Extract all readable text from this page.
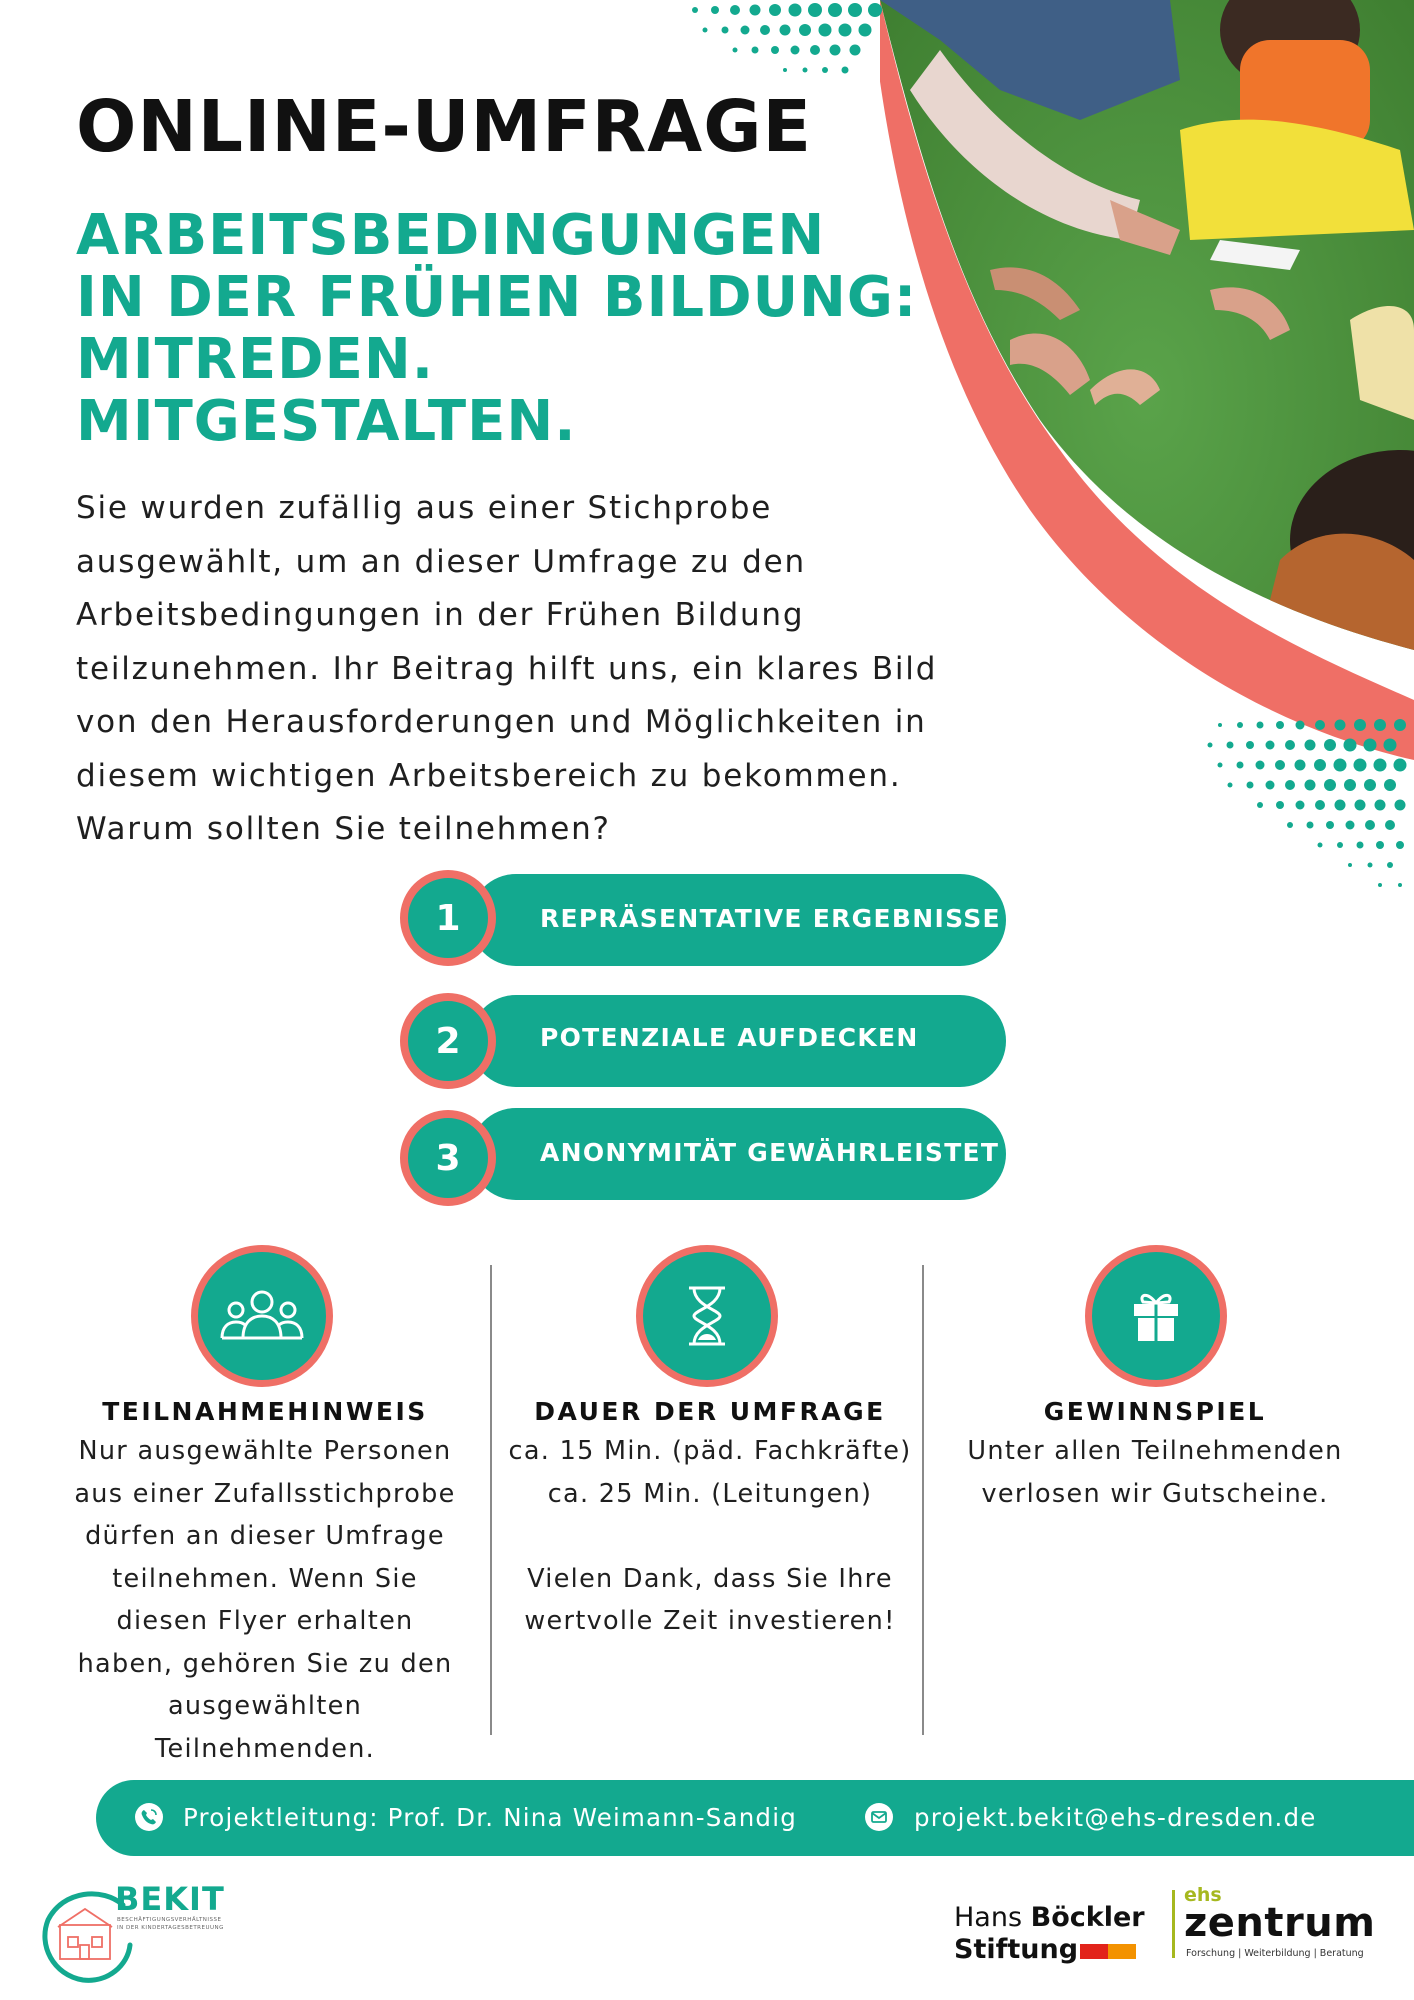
ONLINE-UMFRAGE
ARBEITSBEDINGUNGEN
IN DER FRÜHEN BILDUNG:
MITREDEN.
MITGESTALTEN.

Sie wurden zufällig aus einer Stichprobe
ausgewählt, um an dieser Umfrage zu den
Arbeitsbedingungen in der Frühen Bildung
teilzunehmen. Ihr Beitrag hilft uns, ein klares Bild
von den Herausforderungen und Möglichkeiten in
diesem wichtigen Arbeitsbereich zu bekommen.
Warum sollten Sie teilnehmen?

1	REPRÄSENTATIVE ERGEBNISSE
2	POTENZIALE AUFDECKEN
3	ANONYMITÄT GEWÄHRLEISTET
TEILNAHMEHINWEIS
Nur ausgewählte Personen
aus einer Zufallsstichprobe
dürfen an dieser Umfrage
teilnehmen. Wenn Sie
diesen Flyer erhalten
haben, gehören Sie zu den
ausgewählten
Teilnehmenden.
DAUER DER UMFRAGE
ca. 15 Min. (päd. Fachkräfte)
ca. 25 Min. (Leitungen)
Vielen Dank, dass Sie Ihre
wertvolle Zeit investieren!
GEWINNSPIEL
Unter allen Teilnehmenden
verlosen wir Gutscheine.
Projektleitung: Prof. Dr. Nina Weimann-Sandig	projekt.bekit@ehs-dresden.de
BEKIT
BESCHÄFTIGUNGSVERHÄLTNISSE
IN DER KINDERTAGESBETREUUNG	Hans Böckler
Stiftung
ehs
zentrum
Forschung | Weiterbildung | Beratung
